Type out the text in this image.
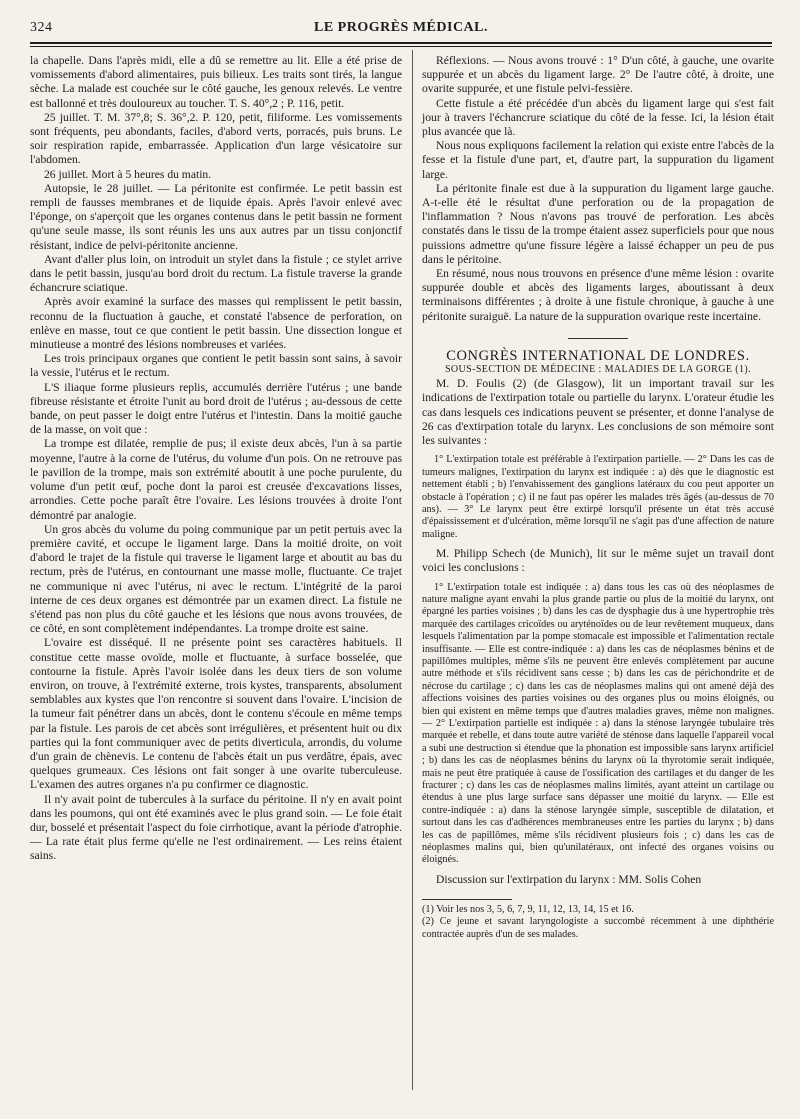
324	LE PROGRÈS MÉDICAL.

la chapelle. Dans l'après midi, elle a dû se remettre au lit. Elle a été prise de vomissements d'abord alimentaires, puis bilieux. Les traits sont tirés, la langue sèche. La malade est couchée sur le côté gauche, les genoux relevés. Le ventre est ballonné et très douloureux au toucher. T. S. 40°,2 ; P. 116, petit.

25 juillet. T. M. 37°,8; S. 36°,2. P. 120, petit, filiforme. Les vomissements sont fréquents, peu abondants, faciles, d'abord verts, porracés, puis bruns. Le soir respiration rapide, embarrassée. Application d'un large vésicatoire sur l'abdomen.

26 juillet. Mort à 5 heures du matin.

Autopsie, le 28 juillet. — La péritonite est confirmée. Le petit bassin est rempli de fausses membranes et de liquide épais. Après l'avoir enlevé avec l'éponge, on s'aperçoit que les organes contenus dans le petit bassin ne forment qu'une seule masse, ils sont réunis les uns aux autres par un tissu conjonctif résistant, indice de pelvi-péritonite ancienne.

Avant d'aller plus loin, on introduit un stylet dans la fistule ; ce stylet arrive dans le petit bassin, jusqu'au bord droit du rectum. La fistule traverse la grande échancrure sciatique.

Après avoir examiné la surface des masses qui remplissent le petit bassin, reconnu de la fluctuation à gauche, et constaté l'absence de perforation, on enlève en masse, tout ce que contient le petit bassin. Une dissection longue et minutieuse a montré des lésions nombreuses et variées.

Les trois principaux organes que contient le petit bassin sont sains, à savoir la vessie, l'utérus et le rectum.

L'S iliaque forme plusieurs replis, accumulés derrière l'utérus ; une bande fibreuse résistante et étroite l'unit au bord droit de l'utérus ; au-dessous de cette bande, on peut passer le doigt entre l'utérus et l'intestin. Dans la moitié gauche de la masse, on voit que :

La trompe est dilatée, remplie de pus; il existe deux abcès, l'un à sa partie moyenne, l'autre à la corne de l'utérus, du volume d'un pois. On ne retrouve pas le pavillon de la trompe, mais son extrémité aboutit à une poche purulente, du volume d'un petit œuf, poche dont la paroi est creusée d'excavations lisses, arrondies. Cette poche paraît être l'ovaire. Les lésions trouvées à droite l'ont démontré par analogie.

Un gros abcès du volume du poing communique par un petit pertuis avec la première cavité, et occupe le ligament large. Dans la moitié droite, on voit d'abord le trajet de la fistule qui traverse le ligament large et aboutit au bas du rectum, près de l'utérus, en contournant une masse molle, fluctuante. Ce trajet ne communique ni avec l'utérus, ni avec le rectum. L'intégrité de la paroi interne de ces deux organes est démontrée par un examen direct. La fistule ne s'étend pas non plus du côté gauche et les lésions que nous avons trouvées, de ce côté, en sont complètement indépendantes. La trompe droite est saine.

L'ovaire est disséqué. Il ne présente point ses caractères habituels. Il constitue cette masse ovoïde, molle et fluctuante, à surface bosselée, que contourne la fistule. Après l'avoir isolée dans les deux tiers de son volume environ, on trouve, à l'extrémité externe, trois kystes, transparents, absolument semblables aux kystes que l'on rencontre si souvent dans l'ovaire. L'incision de la tumeur fait pénétrer dans un abcès, dont le contenu s'écoule en même temps par la fistule. Les parois de cet abcès sont irrégulières, et présentent huit ou dix parties qui la font communiquer avec de petits diverticula, arrondis, du volume d'un grain de chènevis. Le contenu de l'abcès était un pus verdâtre, épais, avec quelques grumeaux. Ces lésions ont fait songer à une ovarite tuberculeuse. L'examen des autres organes n'a pu confirmer ce diagnostic.

Il n'y avait point de tubercules à la surface du péritoine. Il n'y en avait point dans les poumons, qui ont été examinés avec le plus grand soin. — Le foie était dur, bosselé et présentait l'aspect du foie cirrhotique, avant la période d'atrophie. — La rate était plus ferme qu'elle ne l'est ordinairement. — Les reins étaient sains.

Réflexions. — Nous avons trouvé : 1° D'un côté, à gauche, une ovarite suppurée et un abcès du ligament large. 2° De l'autre côté, à droite, une ovarite suppurée, et une fistule pelvi-fessière.

Cette fistule a été précédée d'un abcès du ligament large qui s'est fait jour à travers l'échancrure sciatique du côté de la fesse. Ici, la lésion était plus avancée que là.

Nous nous expliquons facilement la relation qui existe entre l'abcès de la fesse et la fistule d'une part, et, d'autre part, la suppuration du ligament large.

La péritonite finale est due à la suppuration du ligament large gauche. A-t-elle été le résultat d'une perforation ou de la propagation de l'inflammation ? Nous n'avons pas trouvé de perforation. Les abcès constatés dans le tissu de la trompe étaient assez superficiels pour que nous puissions admettre qu'une fissure légère a laissé échapper un peu de pus dans le péritoine.

En résumé, nous nous trouvons en présence d'une même lésion : ovarite suppurée double et abcès des ligaments larges, aboutissant à deux terminaisons différentes ; à droite à une fistule chronique, à gauche à une péritonite suraiguë. La nature de la suppuration ovarique reste incertaine.

CONGRÈS INTERNATIONAL DE LONDRES.

SOUS-SECTION DE MÉDECINE : MALADIES DE LA GORGE (1).

M. D. Foulis (2) (de Glasgow), lit un important travail sur les indications de l'extirpation totale ou partielle du larynx. L'orateur étudie les cas dans lesquels ces indications peuvent se présenter, et donne l'analyse de 26 cas d'extirpation totale du larynx. Les conclusions de son mémoire sont les suivantes :

1° L'extirpation totale est préférable à l'extirpation partielle. — 2° Dans les cas de tumeurs malignes, l'extirpation du larynx est indiquée : a) dès que le diagnostic est nettement établi ; b) l'envahissement des ganglions latéraux du cou peut apporter un obstacle à l'opération ; c) il ne faut pas opérer les malades très âgés (au-dessus de 70 ans). — 3° Le larynx peut être extirpé lorsqu'il présente un état très accusé d'épaississement et d'ulcération, même lorsqu'il ne s'agit pas d'une affection de nature maligne.

M. Philipp Schech (de Munich), lit sur le même sujet un travail dont voici les conclusions :

1° L'extirpation totale est indiquée : a) dans tous les cas où des néoplasmes de nature maligne ayant envahi la plus grande partie ou plus de la moitié du larynx, ont épargné les parties voisines ; b) dans les cas de dysphagie dus à une hypertrophie très marquée des cartilages cricoïdes ou aryténoïdes ou de leur revêtement muqueux, dans lesquels l'alimentation par la pompe stomacale est impossible et l'alimentation rectale insuffisante. — Elle est contre-indiquée : a) dans les cas de néoplasmes bénins et de papillômes multiples, même s'ils ne peuvent être enlevés complètement par aucune autre méthode et s'ils récidivent sans cesse ; b) dans les cas de périchondrite et de nécrose du cartilage ; c) dans les cas de néoplasmes malins qui ont amené déjà des affections voisines des parties voisines ou des organes plus ou moins éloignés, ou bien qui existent en même temps que d'autres maladies graves, même non malignes. — 2° L'extirpation partielle est indiquée : a) dans la sténose laryngée tubulaire très marquée et rebelle, et dans toute autre variété de sténose dans laquelle l'appareil vocal a subi une destruction si étendue que la phonation est impossible sans larynx artificiel ; b) dans les cas de néoplasmes bénins du larynx où la thyrotomie serait indiquée, mais ne peut être pratiquée à cause de l'ossification des cartilages et du danger de les fracturer ; c) dans les cas de néoplasmes malins limités, ayant atteint un cartilage ou étendus à une plus large surface sans dépasser une moitié du larynx. — Elle est contre-indiquée : a) dans la sténose laryngée simple, susceptible de dilatation, et surtout dans les cas d'adhérences membraneuses entre les parties du larynx ; b) dans les cas de papillômes, même s'ils récidivent plusieurs fois ; c) dans les cas de néoplasmes malins qui, bien qu'unilatéraux, ont infecté des organes voisins ou éloignés.

Discussion sur l'extirpation du larynx : MM. Solis Cohen

(1) Voir les nos 3, 5, 6, 7, 9, 11, 12, 13, 14, 15 et 16.

(2) Ce jeune et savant laryngologiste a succombé récemment à une diphthérie contractée auprès d'un de ses malades.
